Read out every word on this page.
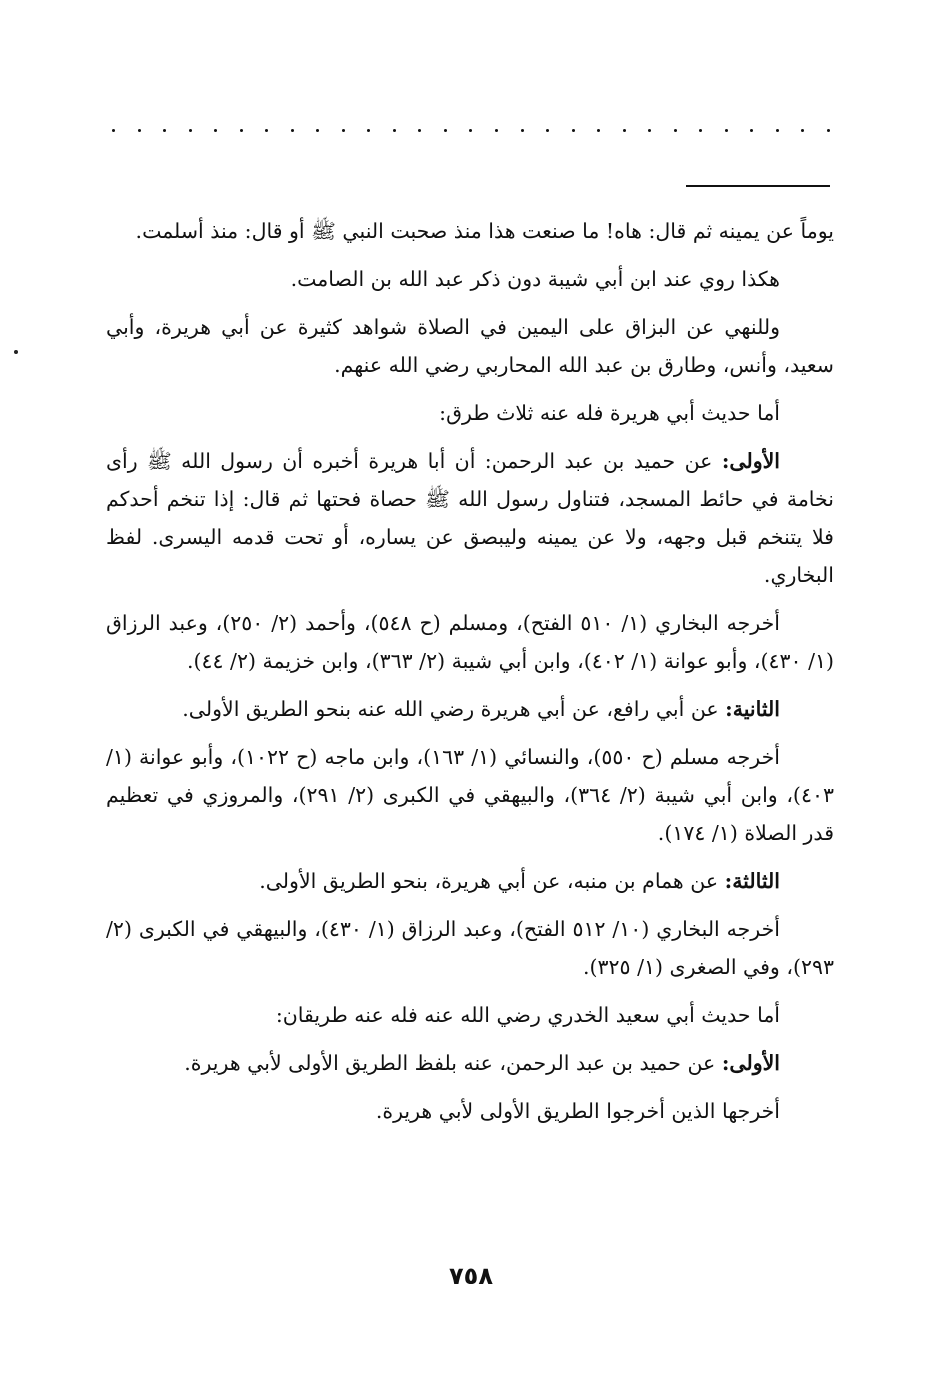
يوماً عن يمينه ثم قال: هاه! ما صنعت هذا منذ صحبت النبي ﷺ أو قال: منذ أسلمت.

هكذا روي عند ابن أبي شيبة دون ذكر عبد الله بن الصامت.

وللنهي عن البزاق على اليمين في الصلاة شواهد كثيرة عن أبي هريرة، وأبي سعيد، وأنس، وطارق بن عبد الله المحاربي رضي الله عنهم.

أما حديث أبي هريرة فله عنه ثلاث طرق:

الأولى: عن حميد بن عبد الرحمن: أن أبا هريرة أخبره أن رسول الله ﷺ رأى نخامة في حائط المسجد، فتناول رسول الله ﷺ حصاة فحتها ثم قال: إذا تنخم أحدكم فلا يتنخم قبل وجهه، ولا عن يمينه وليبصق عن يساره، أو تحت قدمه اليسرى. لفظ البخاري.

أخرجه البخاري (١/ ٥١٠ الفتح)، ومسلم (ح ٥٤٨)، وأحمد (٢/ ٢٥٠)، وعبد الرزاق (١/ ٤٣٠)، وأبو عوانة (١/ ٤٠٢)، وابن أبي شيبة (٢/ ٣٦٣)، وابن خزيمة (٢/ ٤٤).

الثانية: عن أبي رافع، عن أبي هريرة رضي الله عنه بنحو الطريق الأولى.

أخرجه مسلم (ح ٥٥٠)، والنسائي (١/ ١٦٣)، وابن ماجه (ح ١٠٢٢)، وأبو عوانة (١/ ٤٠٣)، وابن أبي شيبة (٢/ ٣٦٤)، والبيهقي في الكبرى (٢/ ٢٩١)، والمروزي في تعظيم قدر الصلاة (١/ ١٧٤).

الثالثة: عن همام بن منبه، عن أبي هريرة، بنحو الطريق الأولى.

أخرجه البخاري (١٠/ ٥١٢ الفتح)، وعبد الرزاق (١/ ٤٣٠)، والبيهقي في الكبرى (٢/ ٢٩٣)، وفي الصغرى (١/ ٣٢٥).

أما حديث أبي سعيد الخدري رضي الله عنه فله عنه طريقان:

الأولى: عن حميد بن عبد الرحمن، عنه بلفظ الطريق الأولى لأبي هريرة.

أخرجها الذين أخرجوا الطريق الأولى لأبي هريرة.

٧٥٨
